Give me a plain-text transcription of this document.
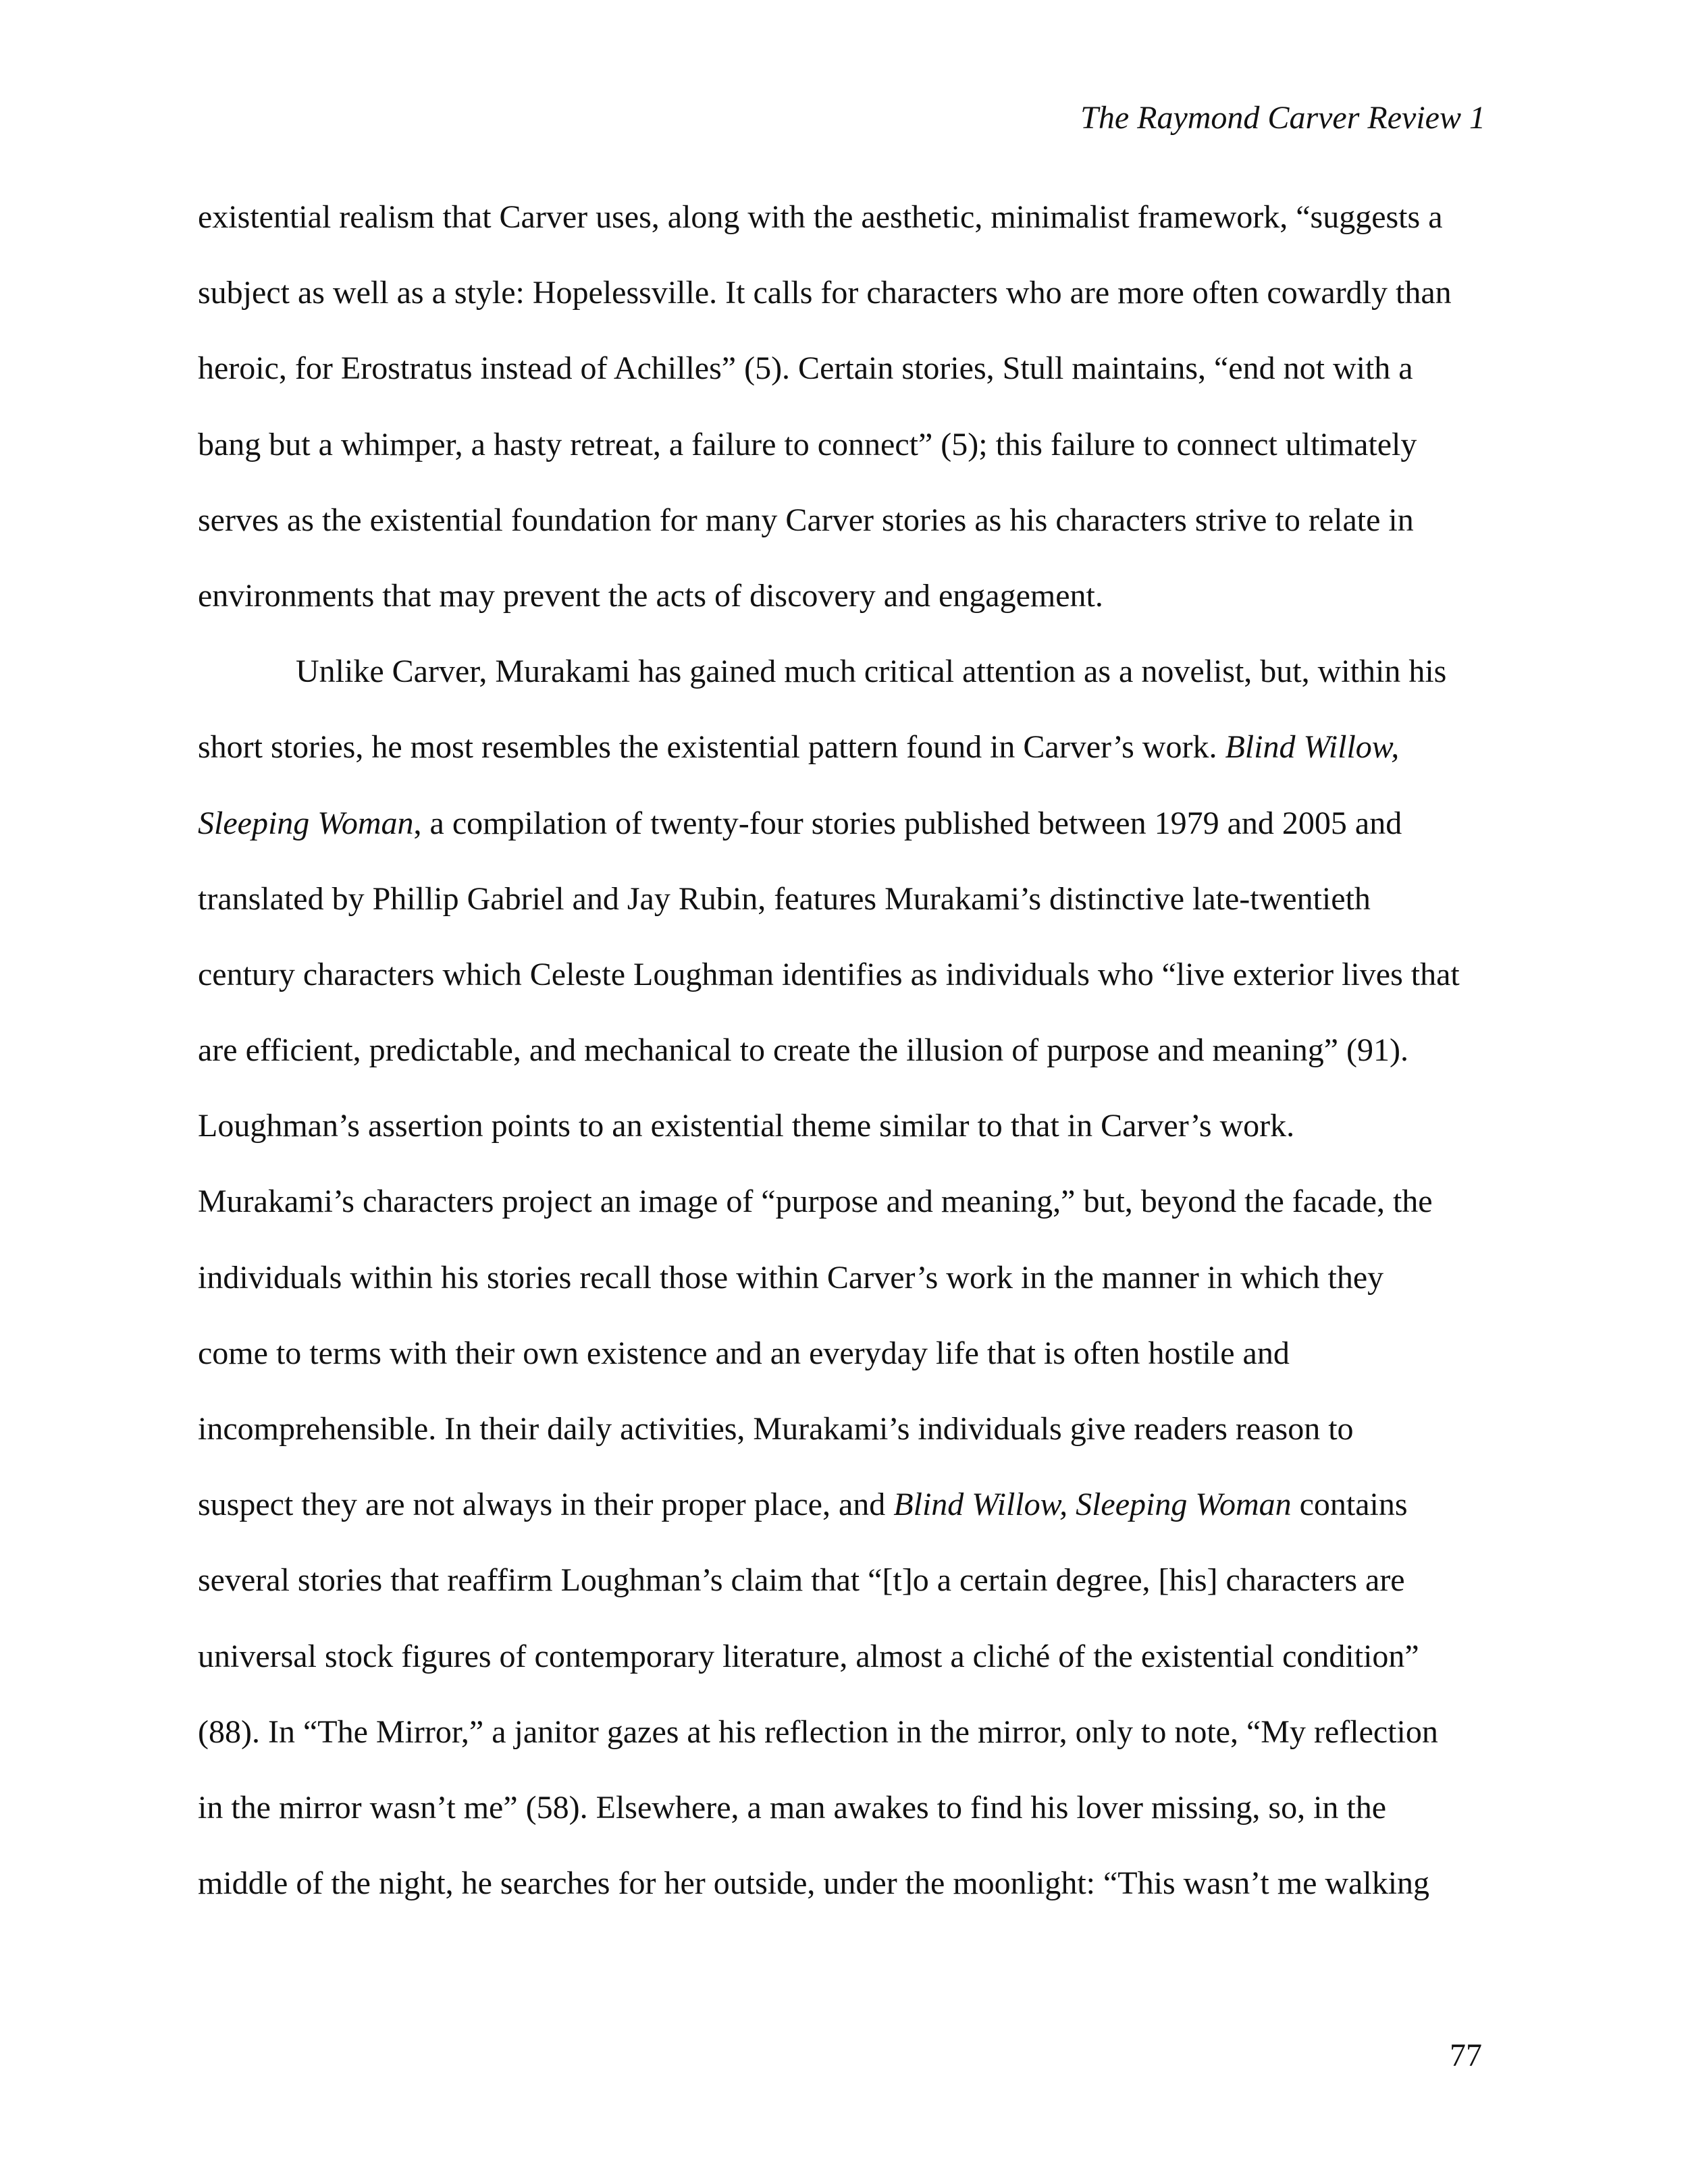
The Raymond Carver Review 1
existential realism that Carver uses, along with the aesthetic, minimalist framework, “suggests a
subject as well as a style: Hopelessville. It calls for characters who are more often cowardly than
heroic, for Erostratus instead of Achilles” (5). Certain stories, Stull maintains, “end not with a
bang but a whimper, a hasty retreat, a failure to connect” (5); this failure to connect ultimately
serves as the existential foundation for many Carver stories as his characters strive to relate in
environments that may prevent the acts of discovery and engagement.
Unlike Carver, Murakami has gained much critical attention as a novelist, but, within his
short stories, he most resembles the existential pattern found in Carver’s work. Blind Willow,
Sleeping Woman, a compilation of twenty-four stories published between 1979 and 2005 and
translated by Phillip Gabriel and Jay Rubin, features Murakami’s distinctive late-twentieth
century characters which Celeste Loughman identifies as individuals who “live exterior lives that
are efficient, predictable, and mechanical to create the illusion of purpose and meaning” (91).
Loughman’s assertion points to an existential theme similar to that in Carver’s work.
Murakami’s characters project an image of “purpose and meaning,” but, beyond the facade, the
individuals within his stories recall those within Carver’s work in the manner in which they
come to terms with their own existence and an everyday life that is often hostile and
incomprehensible. In their daily activities, Murakami’s individuals give readers reason to
suspect they are not always in their proper place, and Blind Willow, Sleeping Woman contains
several stories that reaffirm Loughman’s claim that “[t]o a certain degree, [his] characters are
universal stock figures of contemporary literature, almost a cliché of the existential condition”
(88). In “The Mirror,” a janitor gazes at his reflection in the mirror, only to note, “My reflection
in the mirror wasn’t me” (58). Elsewhere, a man awakes to find his lover missing, so, in the
middle of the night, he searches for her outside, under the moonlight: “This wasn’t me walking
77
